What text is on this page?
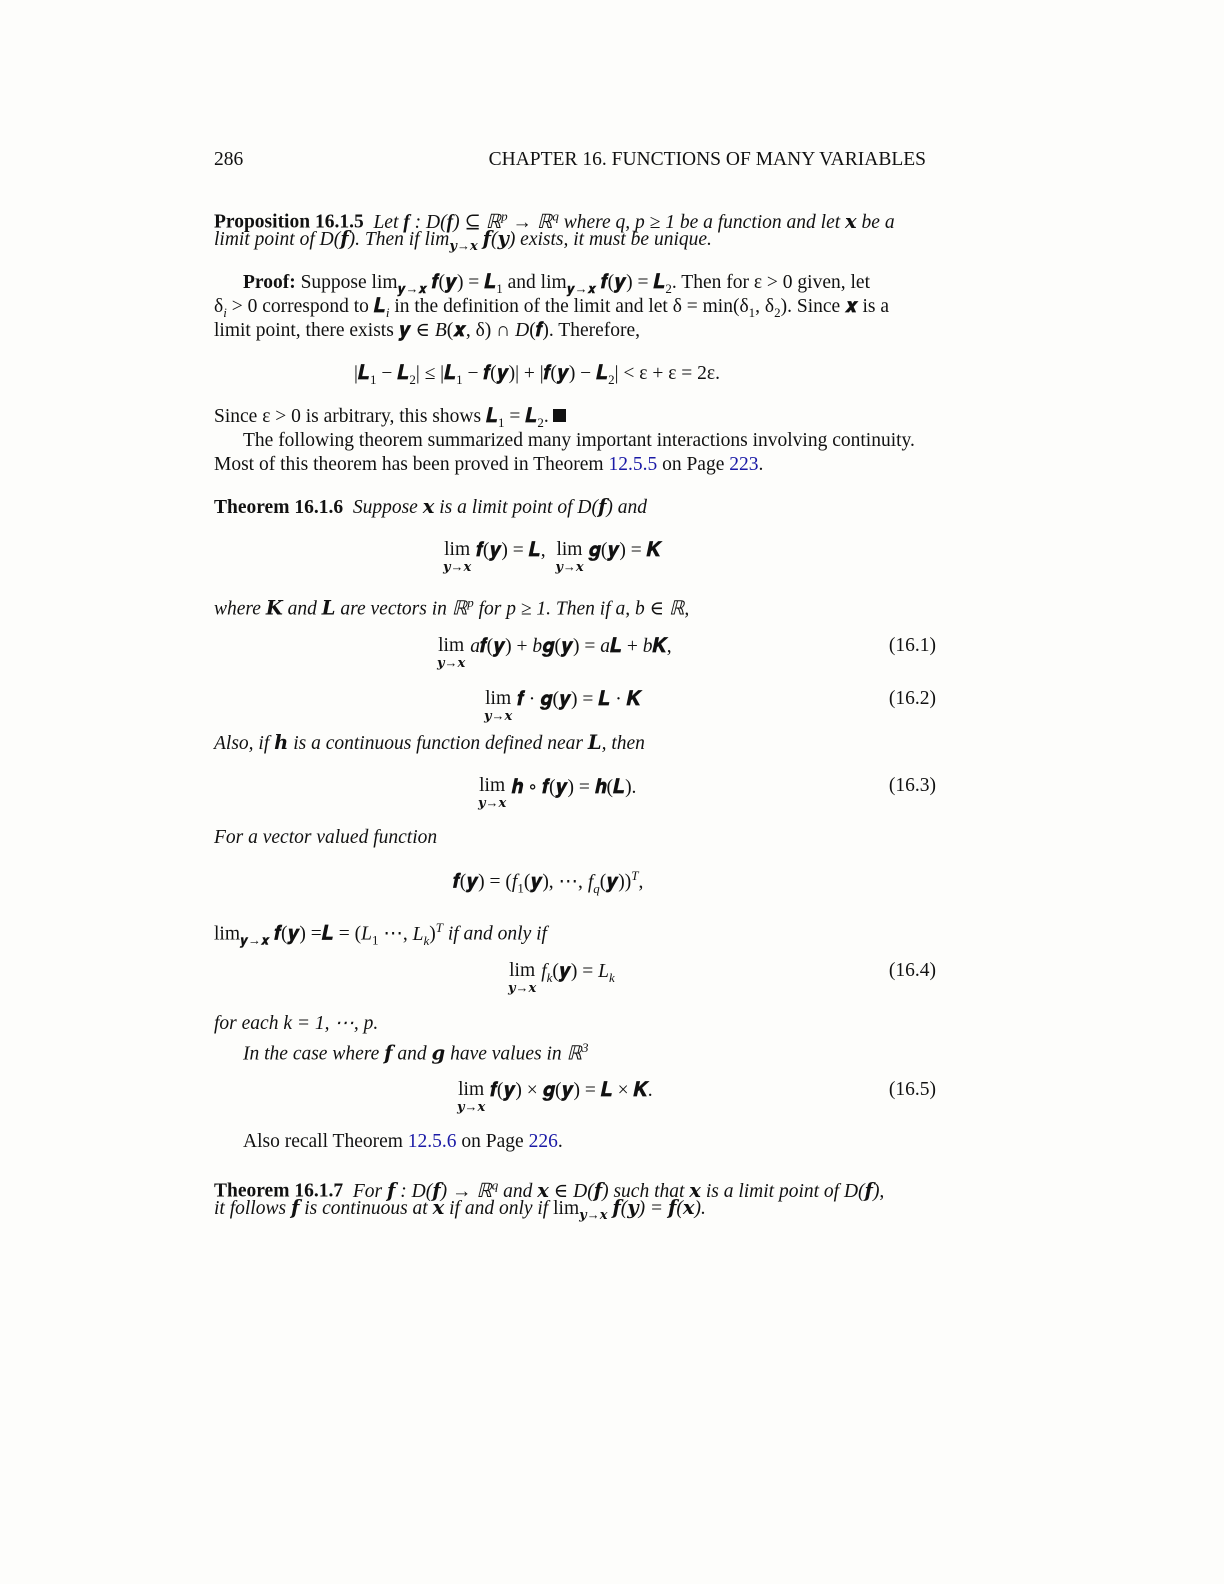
286	CHAPTER 16. FUNCTIONS OF MANY VARIABLES
Proposition 16.1.5 Let f : D(f) ⊆ ℝ$^p$ → ℝ$^q$ where q, p ≥ 1 be a function and let 𝒙 be a
limit point of D(𝒇). Then if $\lim_{𝒚\to 𝒙}$ 𝒇(𝒚) exists, it must be unique.
Proof: Suppose $\lim_{𝒚\to 𝒙}$ 𝒇(𝒚) = 𝑳$_1$ and $\lim_{𝒚\to 𝒙}$ 𝒇(𝒚) = 𝑳$_2$. Then for ε > 0 given, let
$\delta_i > 0$ correspond to 𝑳$_i$ in the definition of the limit and let $\delta = \min(\delta_1$, $\delta_2$). Since 𝒙 is a
limit point, there exists 𝒚 ∈ B(𝒙, δ) ∩ D(𝒇). Therefore,
|𝑳$_1$ − 𝑳$_2$| ≤ |𝑳$_1$ − 𝒇(𝒚)| + |𝒇(𝒚) − 𝑳$_2$| < ε + ε = 2ε.
Since ε > 0 is arbitrary, this shows 𝑳$_1$ = 𝑳$_2$.
The following theorem summarized many important interactions involving continuity.
Most of this theorem has been proved in Theorem 12.5.5 on Page 223.
Theorem 16.1.6 Suppose 𝒙 is a limit point of D(𝒇) and
lim
𝒚→𝒙
𝒇(𝒚) = 𝑳, lim
𝒚→𝒙
𝒈(𝒚) = 𝑲
where 𝑲 and 𝑳 are vectors in ℝ$^p$ for p ≥ 1. Then if a, b ∈ ℝ,
lim
𝒚→𝒙
a𝒇(𝒚) + b𝒈(𝒚) = a𝑳 + b𝑲,	(16.1)
lim
𝒚→𝒙
𝒇 · 𝒈(𝒚) = 𝑳 · 𝑲	(16.2)
Also, if 𝒉 is a continuous function defined near 𝑳, then
lim
𝒚→𝒙
𝒉 ∘ 𝒇(𝒚) = 𝒉(𝑳).	(16.3)
For a vector valued function
𝒇(𝒚) = ($f_1(𝒚)$, ⋯, $f_q(𝒚))^T$,
$\lim_{𝒚\to 𝒙}$ 𝒇(𝒚) =𝑳 = ($L_1$ ⋯, $L_k)^T$ if and only if
lim
𝒚→𝒙
$f_k(𝒚) = L_k$	(16.4)
for each k = 1, ⋯, p.
In the case where 𝒇 and 𝒈 have values in ℝ$^3$
lim
𝒚→𝒙
𝒇(𝒚) × 𝒈(𝒚) = 𝑳 × 𝑲.	(16.5)
Also recall Theorem 12.5.6 on Page 226.
Theorem 16.1.7 For 𝒇 : D(𝒇) → ℝ$^q$ and 𝒙 ∈ D(𝒇) such that 𝒙 is a limit point of D(𝒇),
it follows 𝒇 is continuous at 𝒙 if and only if $\lim_{𝒚\to 𝒙}$ 𝒇(𝒚) = 𝒇(𝒙).
